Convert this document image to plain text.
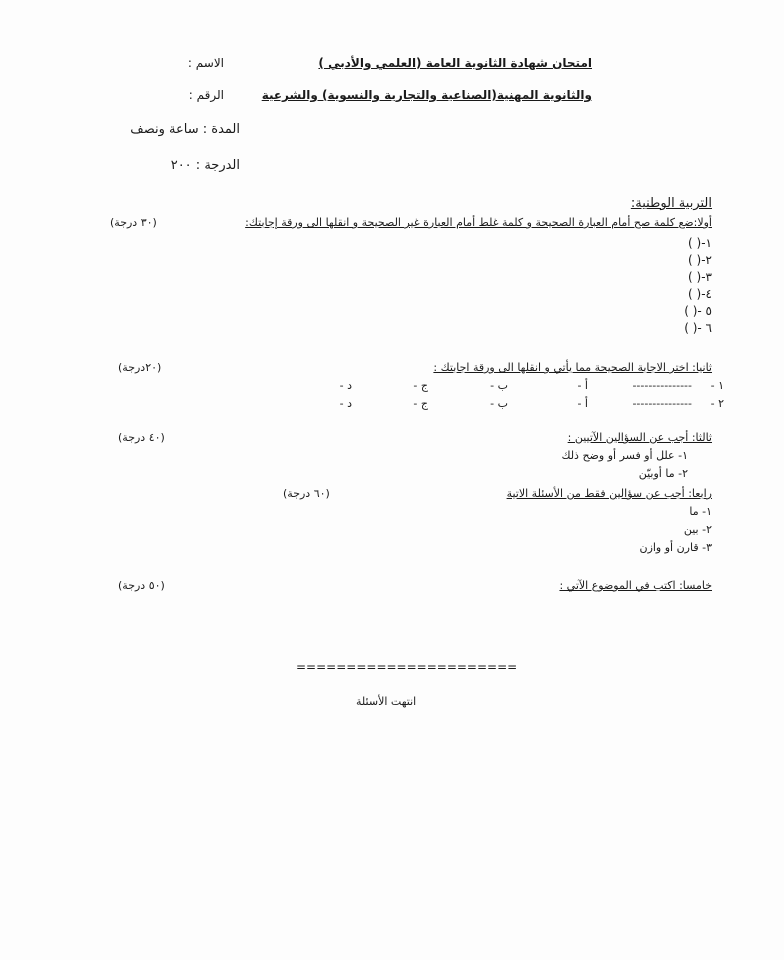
امتحان شهادة الثانوية العامة (العلمي والأدبي )
والثانوية المهنية(الصناعية والتجارية والنسوية) والشرعية
الاسم :
الرقم :
المدة : ساعة ونصف
الدرجة : ٢٠٠
التربية الوطنية:
أولا:ضع كلمة صح أمام العبارة الصحيحة و كلمة غلط أمام العبارة غير الصحيحة و انقلها الى ورقة إجابتك:
(٣٠ درجة)
١-( )
٢-( )
٣-( )
٤-( )
٥ -( )
٦ -( )
ثانيا: اختر الاجابة الصحيحة مما يأتي و انقلها الى ورقة اجابتك :
(٢٠درجة)
١ -
---------------
أ -
ب -
ج -
د -
٢ -
---------------
أ -
ب -
ج -
د -
ثالثا: أجب عن السؤالين الآتيين :
(٤٠ درجة)
١- علل أو فسر أو وضح ذلك
٢- ما أوبيّن
رابعا: أجب عن سؤالين فقط من الأسئلة الاتية
(٦٠ درجة)
١- ما
٢- بين
٣- قارن أو وازن
خامسا: اكتب في الموضوع الآتي :
(٥٠ درجة)
======================
انتهت الأسئلة
